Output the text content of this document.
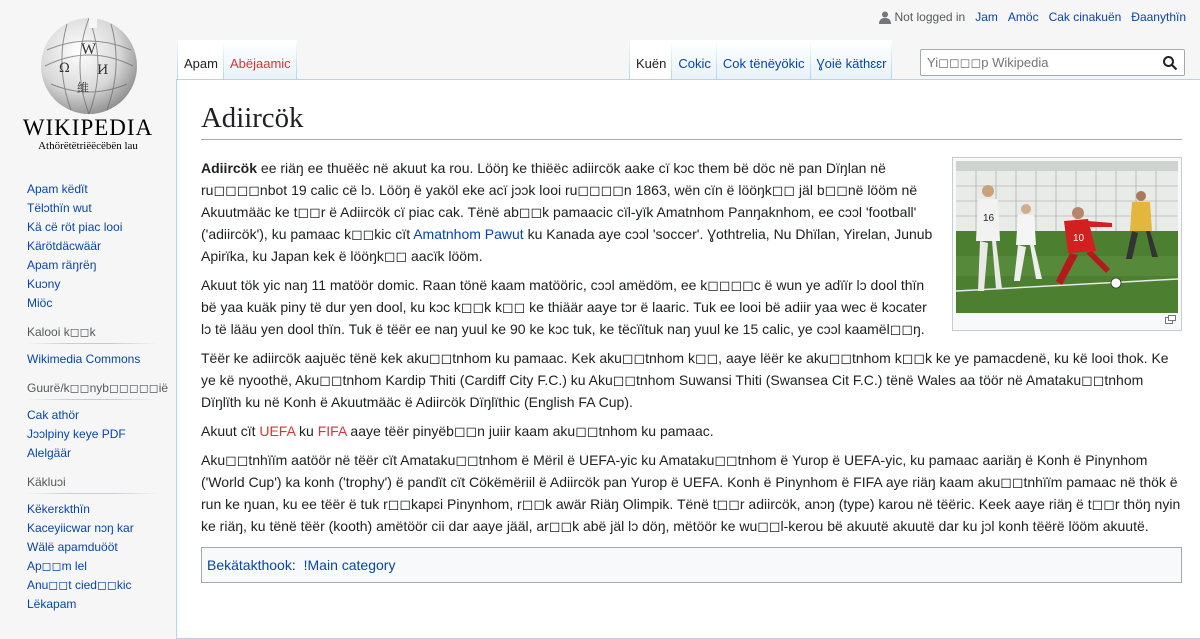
W
Ω И
維
WIKIPEDIA
Athörëtëtriëëcëbën lau
Not logged in Jam Amöc Cak cinakuën Ɖaanythïn
Apam Abëjaamic	Kuën Cokic Cok tënëyökic Ɣoië käthɛɛr
Yi◻◻◻◻p Wikipedia
Apam këdït
Tëlɔthïn wut
Kä cë röt piac looi
Kärötdäcwäär
Apam räŋrëŋ
Kuɔny
Miöc
Kalooi k◻◻k
Wikimedia Commons
Guurë/k◻◻nyb◻◻◻◻◻ië
Cak athör
Jɔɔlpiny keye PDF
Alelgäär
Käkluɔi
Këkerɛkthïn
Kaceyiicwar nɔŋ kar
Wälë apamduööt
Ap◻◻m lel
Anu◻◻t cied◻◻kic
Lëkapam
Adiircök
16
10

Adiircök ee riäŋ ee thuëëc në akuut ka rou. Lööŋ ke thiëëc adiircök aake cï kɔc them bë döc në pan Dïŋlan në ru◻◻◻◻nbot 19 calic cë lɔ. Lööŋ ë yaköl eke acï jɔɔk looi ru◻◻◻◻n 1863, wën cïn ë lööŋk◻◻ jäl b◻◻në lööm në Akuutmääc ke t◻◻r ë Adiircök cï piac cak. Tënë ab◻◻k pamaacic cïl-yïk Amatnhom Panŋaknhom, ee cɔɔl 'football' ('adiircök'), ku pamaac k◻◻kic cït Amatnhom Pawut ku Kanada aye cɔɔl 'soccer'. Ɣothtrelia, Nu Dhïlan, Yirelan, Junub Apirïka, ku Japan kek ë lööŋk◻◻ aacïk lööm.

Akuut tök yic naŋ 11 matöör domic. Raan tönë kaam matööric, cɔɔl amëdöm, ee k◻◻◻◻c ë wun ye adïïr lɔ dool thïn bë yaa kuäk piny të dur yen dool, ku kɔc k◻◻k k◻◻ ke thiäär aaye tɔr ë laaric. Tuk ee looi bë adiir yaa wec ë kɔcater lɔ të lääu yen dool thïn. Tuk ë tëër ee naŋ yuul ke 90 ke kɔc tuk, ke tëcïïtuk naŋ yuul ke 15 calic, ye cɔɔl kaamël◻◻ŋ.

Tëër ke adiircök aajuëc tënë kek aku◻◻tnhom ku pamaac. Kek aku◻◻tnhom k◻◻, aaye lëër ke aku◻◻tnhom k◻◻k ke ye pamacdenë, ku kë looi thok. Ke ye kë nyoothë, Aku◻◻tnhom Kardip Thiti (Cardiff City F.C.) ku Aku◻◻tnhom Suwansi Thiti (Swansea Cit F.C.) tënë Wales aa töör në Amataku◻◻tnhom Dïŋlïth ku në Konh ë Akuutmääc ë Adiircök Dïŋlïthic (English FA Cup).

Akuut cït UEFA ku FIFA aaye tëër pinyëb◻◻n juiir kaam aku◻◻tnhom ku pamaac.

Aku◻◻tnhïïm aatöör në tëër cït Amataku◻◻tnhom ë Mëril ë UEFA-yic ku Amataku◻◻tnhom ë Yurop ë UEFA-yic, ku pamaac aariäŋ ë Konh ë Pinynhom ('World Cup') ka konh ('trophy') ë pandït cït Cökëmëriil ë Adiircök pan Yurop ë UEFA. Konh ë Pinynhom ë FIFA aye riäŋ kaam aku◻◻tnhïïm pamaac në thök ë run ke ŋuan, ku ee tëër ë tuk r◻◻kapɛi Pinynhom, r◻◻k awär Riäŋ Olimpik. Tënë t◻◻r adiircök, anɔŋ (type) karou në tëëric. Keek aaye riäŋ ë t◻◻r thöŋ nyin ke riäŋ, ku tënë tëër (kooth) amëtöör cii dar aaye jääl, ar◻◻k abë jäl lɔ döŋ, mëtöör ke wu◻◻l-kerou bë akuutë akuutë dar ku jɔl konh tëërë lööm akuutë.

Bekätakthook: !Main category
